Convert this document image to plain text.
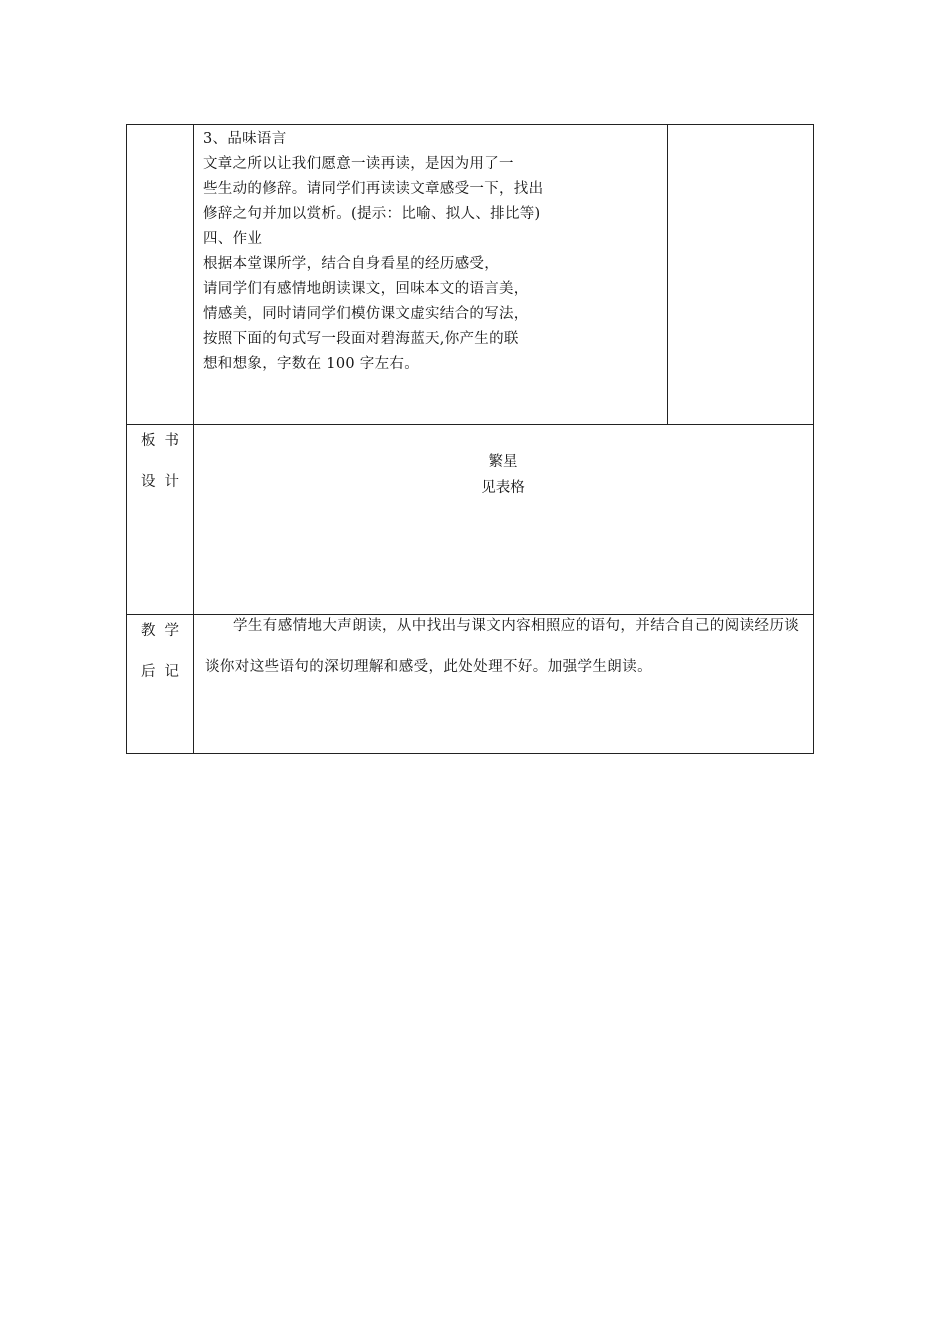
3、品味语言
文章之所以让我们愿意一读再读，是因为用了一
些生动的修辞。请同学们再读读文章感受一下，找出
修辞之句并加以赏析。(提示：比喻、拟人、排比等)
四、作业
根据本堂课所学，结合自身看星的经历感受，
请同学们有感情地朗读课文，回味本文的语言美，
情感美，同时请同学们模仿课文虚实结合的写法，
按照下面的句式写一段面对碧海蓝天,你产生的联
想和想象，字数在 100 字左右。
板书
设计
繁星
见表格
教学
后记
学生有感情地大声朗读，从中找出与课文内容相照应的语句，并结合自己的阅读经历谈谈你对这些语句的深切理解和感受，此处处理不好。加强学生朗读。
